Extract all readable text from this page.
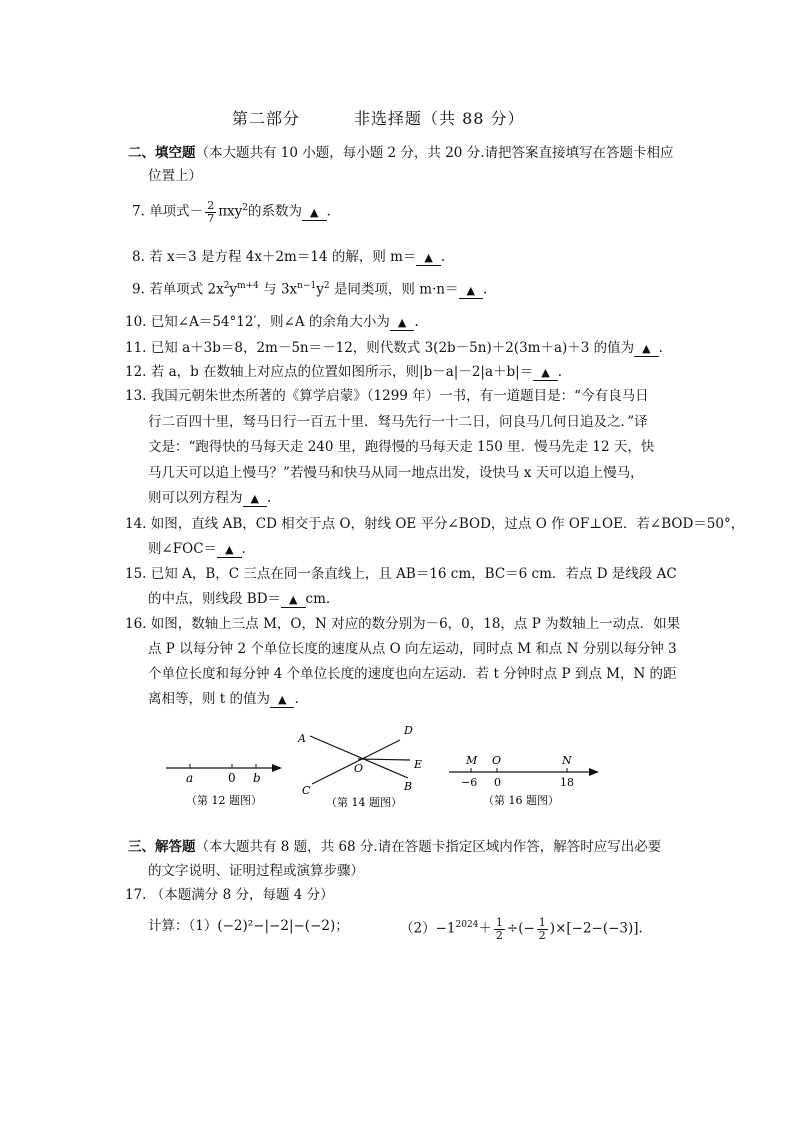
第二部分	非选择题（共 88 分）
二、填空题（本大题共有 10 小题，每小题 2 分，共 20 分.请把答案直接填写在答题卡相应
位置上）
7. 单项式－ $\frac{2}{7} \pi xy^2$的系数为 ▲ .
8. 若 x＝3 是方程 4x＋2m＝14 的解，则 m＝ ▲ .
9. 若单项式 $2x^2y^{m+4}$ 与 $3x^{n-1}y^2$ 是同类项，则 m·n＝ ▲ .
10. 已知∠A＝54°12′，则∠A 的余角大小为 ▲ .
11. 已知 a＋3b＝8，2m－5n＝－12，则代数式 3(2b－5n)＋2(3m＋a)＋3 的值为 ▲ .
12. 若 a，b 在数轴上对应点的位置如图所示，则|b－a|－2|a＋b|＝ ▲ .
13. 我国元朝朱世杰所著的《算学启蒙》（1299 年）一书，有一道题目是：“今有良马日
行二百四十里，驽马日行一百五十里．驽马先行一十二日，问良马几何日追及之．”译
文是：“跑得快的马每天走 240 里，跑得慢的马每天走 150 里．慢马先走 12 天，快
马几天可以追上慢马？”若慢马和快马从同一地点出发，设快马 x 天可以追上慢马，
则可以列方程为 ▲ .
14. 如图，直线 AB，CD 相交于点 O，射线 OE 平分∠BOD，过点 O 作 OF⊥OE．若∠BOD＝50°，
则∠FOC＝ ▲ .
15. 已知 A，B，C 三点在同一条直线上，且 AB＝16 cm，BC＝6 cm．若点 D 是线段 AC
的中点，则线段 BD＝ ▲ cm.
16. 如图，数轴上三点 M，O，N 对应的数分别为－6，0，18，点 P 为数轴上一动点．如果
点 P 以每分钟 2 个单位长度的速度从点 O 向左运动，同时点 M 和点 N 分别以每分钟 3
个单位长度和每分钟 4 个单位长度的速度也向左运动．若 t 分钟时点 P 到点 M，N 的距
离相等，则 t 的值为 ▲ .
a	0 b
（第 12 题图）
A
D
E
O
B
C
（第 14 题图）
M O	N
−6 0	18
（第 16 题图）
三、解答题（本大题共有 8 题，共 68 分.请在答题卡指定区域内作答，解答时应写出必要
的文字说明、证明过程或演算步骤）
17. （本题满分 8 分，每题 4 分）
计算：（1）(−2)²−|−2|−(−2)；	$(2)-1^{2024}+ \frac{1}{2}$ ÷(− $\frac{1}{2} )\times[-2-(-3)]$.
